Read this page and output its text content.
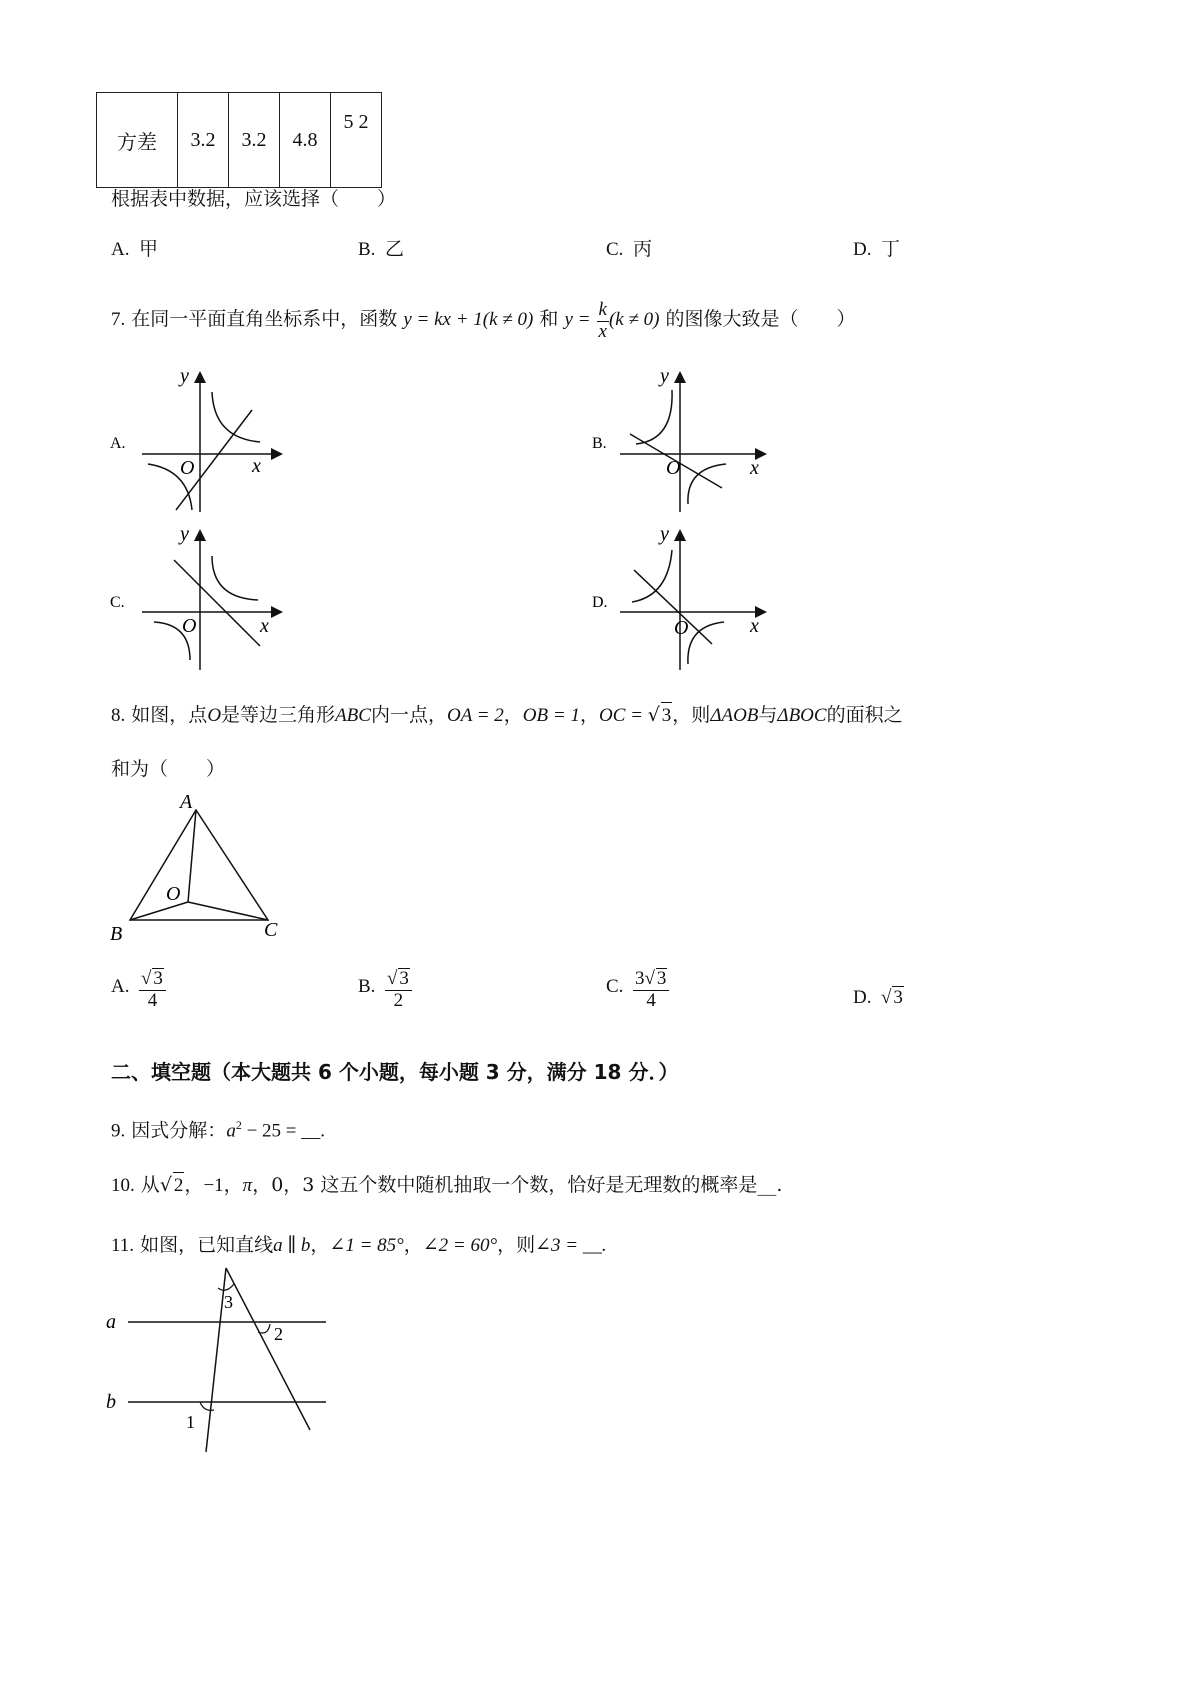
方差	3.2	3.2	4.8	5 2
根据表中数据，应该选择（　　）
A. 甲	B. 乙	C. 丙	D. 丁
7. 在同一平面直角坐标系中，函数 y = kx + 1(k ≠ 0) 和 $y = \frac{k}{x} (k \ne 0)$ 的图像大致是（　　）
A.
y
x
O
B.
y
x
O
C.
y
x
O
D.
y
x
O
8. 如图，点O是等边三角形ABC内一点，OA = 2，OB = 1，OC = √ 3，则ΔAOB与ΔBOC的面积之
和为（　　）
A
B	C
O
A. $\frac{√ 3}{4}$	B. $\frac{√ 3}{2}$	C. $\frac{3√ 3}{4}$	D.  √ 3
二、填空题（本大题共 6 个小题，每小题 3 分，满分 18 分．）
9. 因式分解：$a^2 - 25$ = __.
10. 从√ 2，−1，π，0，3 这五个数中随机抽取一个数，恰好是无理数的概率是__.
11. 如图，已知直线a ∥ b，∠1 = 85°，∠2 = 60°，则∠3 = __.
a
b
1
2
3
